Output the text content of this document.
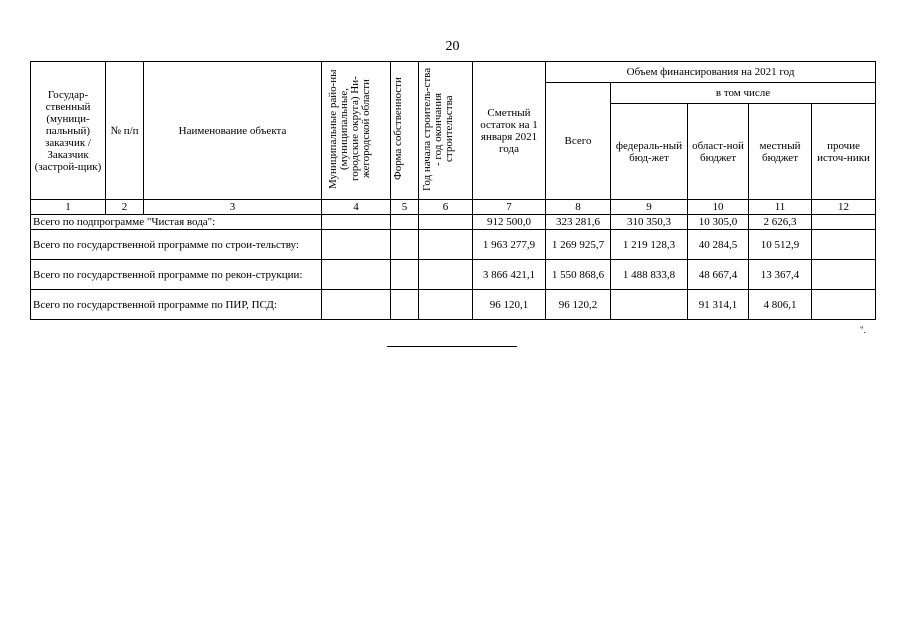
20
Государ-ственный (муници-пальный) заказчик / Заказчик (застрой-щик)	№ п/п	Наименование объекта	Муниципальные райо-ны (муниципальные, городские округа) Ни-жегородской области	Форма собственности	Год начала строитель-ства - год окончания строительства	Сметный остаток на 1 января 2021 года	Объем финансирования на 2021 год				
							Всего	в том числе			
								федераль-ный бюд-жет	област-ной бюджет	местный бюджет	прочие источ-ники
1	2	3	4	5	6	7	8	9	10	11	12
Всего по подпрограмме "Чистая вода":						912 500,0	323 281,6	310 350,3	10 305,0	2 626,3	
Всего по государственной программе по строи-тельству:						1 963 277,9	1 269 925,7	1 219 128,3	40 284,5	10 512,9	
Всего по государственной программе по рекон-струкции:						3 866 421,1	1 550 868,6	1 488 833,8	48 667,4	13 367,4	
Всего по государственной программе по ПИР, ПСД:						96 120,1	96 120,2		91 314,1	4 806,1	
".
